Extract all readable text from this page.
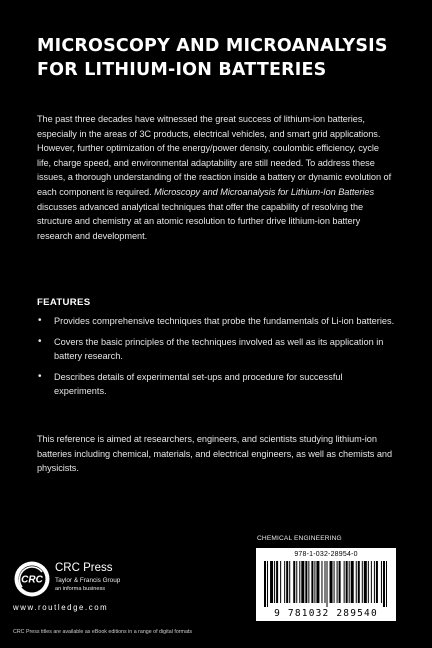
MICROSCOPY AND MICROANALYSIS
FOR LITHIUM-ION BATTERIES

The past three decades have witnessed the great success of lithium-ion batteries, especially in the areas of 3C products, electrical vehicles, and smart grid applications. However, further optimization of the energy/power density, coulombic efficiency, cycle life, charge speed, and environmental adaptability are still needed. To address these issues, a thorough understanding of the reaction inside a battery or dynamic evolution of each component is required. Microscopy and Microanalysis for Lithium-Ion Batteries discusses advanced analytical techniques that offer the capability of resolving the structure and chemistry at an atomic resolution to further drive lithium-ion battery research and development.

FEATURES
• Provides comprehensive techniques that probe the fundamentals of Li-ion batteries.
• Covers the basic principles of the techniques involved as well as its application in battery research.
• Describes details of experimental set-ups and procedure for successful experiments.

This reference is aimed at researchers, engineers, and scientists studying lithium-ion batteries including chemical, materials, and electrical engineers, as well as chemists and physicists.

CHEMICAL ENGINEERING
978-1-032-28954-0
9 781032 289540
CRC
CRC Press
Taylor & Francis Group
an informa business
www.routledge.com
CRC Press titles are available as eBook editions in a range of digital formats
